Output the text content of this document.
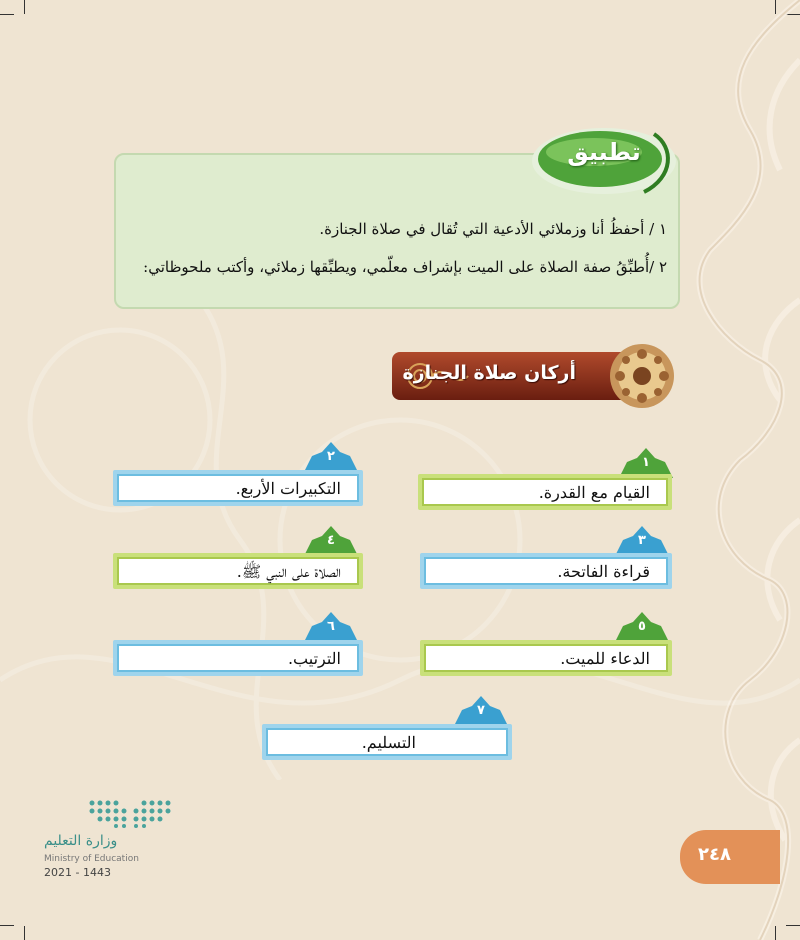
تطبيق
١ / أحفظُ أنا وزملائي الأدعية التي تُقال في صلاة الجنازة.
٢ /أُطبِّقُ صفة الصلاة على الميت بإشراف معلّمي، ويطبِّقها زملائي، وأكتب ملحوظاتي:
أركان صلاة الجنازة
١
القيام مع القدرة.
٢
التكبيرات الأربع.
٣
قراءة الفاتحة.
٤
الصلاة على النبي ﷺ.
٥
الدعاء للميت.
٦
الترتيب.
٧
التسليم.
وزارة التعليم
Ministry of Education
2021 - 1443
٢٤٨
